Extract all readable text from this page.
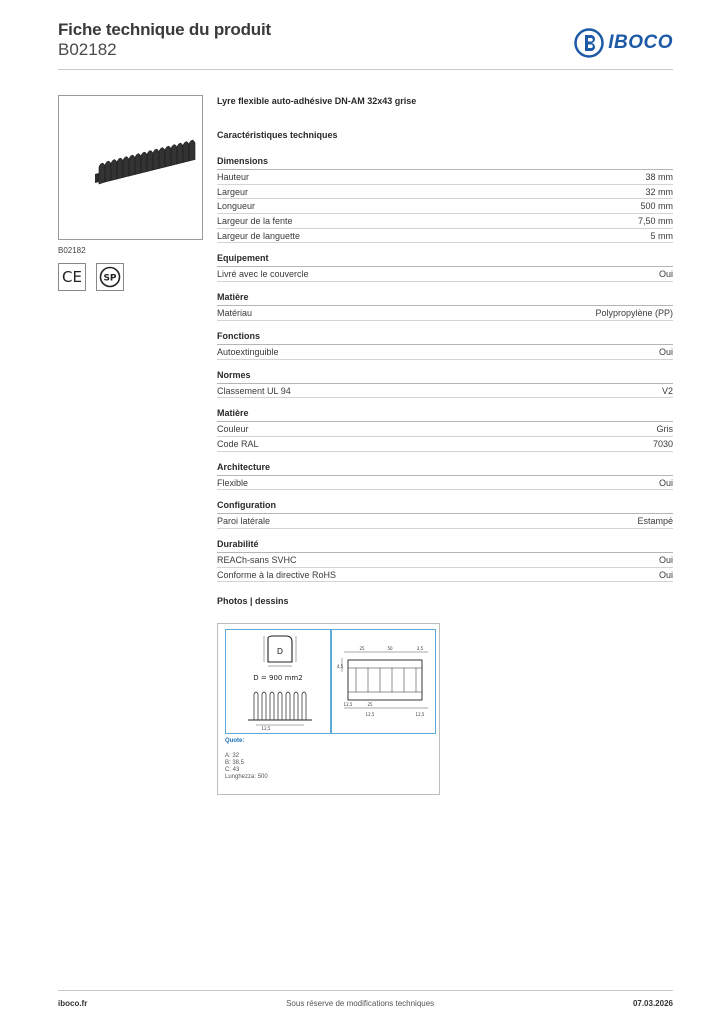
Fiche technique du produit
B02182	IBOCO
B02182
CE SP
Lyre flexible auto-adhésive DN-AM 32x43 grise
Caractéristiques techniques
Dimensions
Hauteur	38 mm
Largeur	32 mm
Longueur	500 mm
Largeur de la fente	7,50 mm
Largeur de languette	5 mm
Equipement
Livré avec le couvercle	Oui
Matière
Matériau	Polypropylène (PP)
Fonctions
Autoextinguible	Oui
Normes
Classement UL 94	V2
Matière
Couleur	Gris
Code RAL	7030
Architecture
Flexible	Oui
Configuration
Paroi latérale	Estampé
Durabilité
REACh-sans SVHC	Oui
Conforme à la directive RoHS	Oui
Photos | dessins
D
D = 900 mm2
12,5
25	50	2,5
4,5
12,5	25
12,5	12,5
Quote:
A: 32
B: 38,5
C: 43
Lunghezza: 500
iboco.fr	Sous réserve de modifications techniques	07.03.2026
